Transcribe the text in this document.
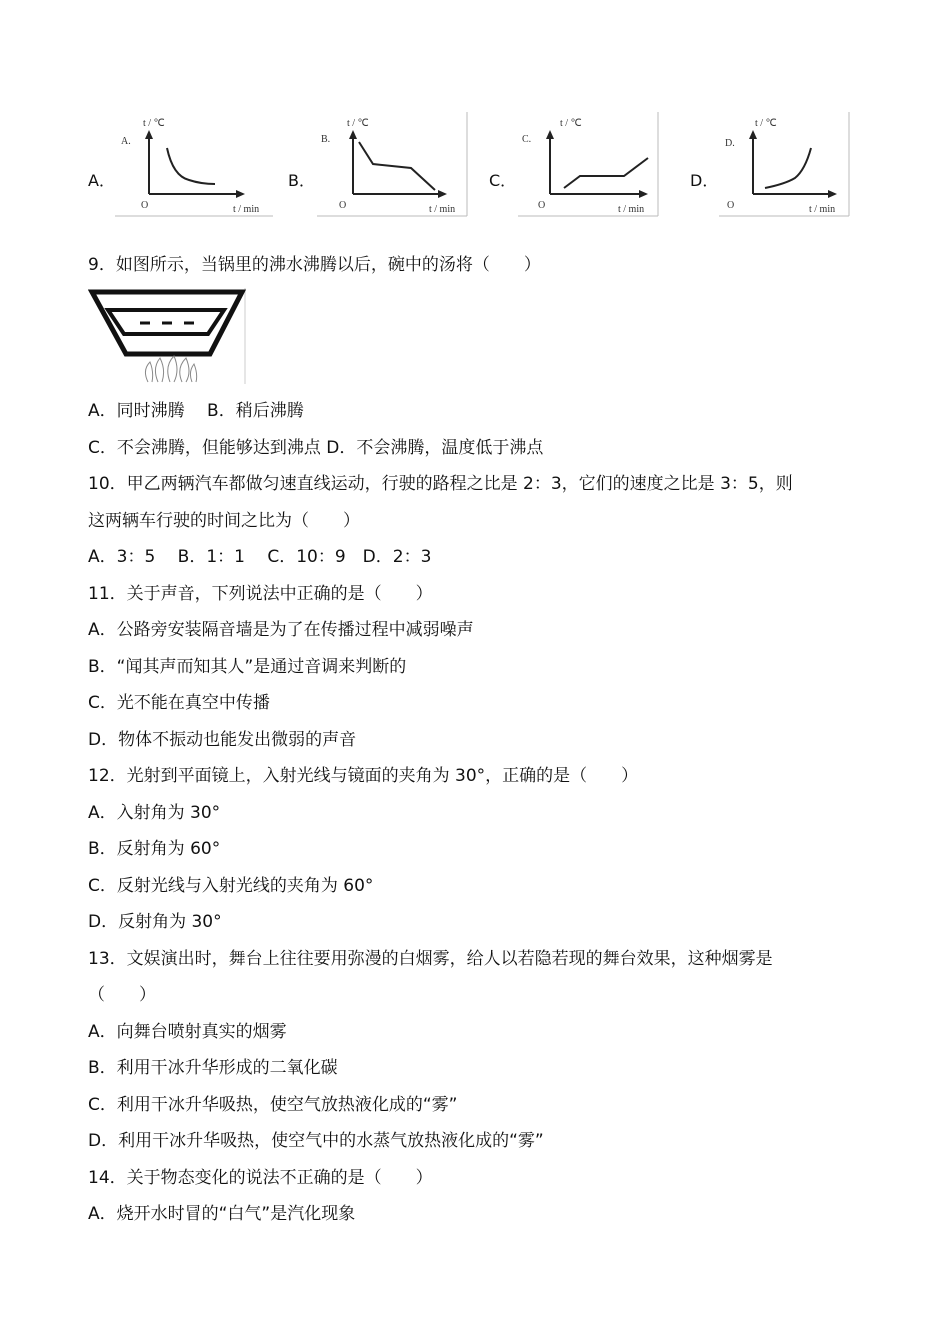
A．	B．	C．	D．
A.
t / ℃
O	t / min
B.
t / ℃
O	t / min
C.
t / ℃
O	t / min
D.
t / ℃
O	t / min
9．如图所示，当锅里的沸水沸腾以后，碗中的汤将（　　）
A．同时沸腾　 B．稍后沸腾
C．不会沸腾，但能够达到沸点 D．不会沸腾，温度低于沸点
10．甲乙两辆汽车都做匀速直线运动，行驶的路程之比是 2：3，它们的速度之比是 3：5，则
这两辆车行驶的时间之比为（　　）
A．3：5　 B．1：1　 C．10：9　D．2：3
11．关于声音，下列说法中正确的是（　　）
A．公路旁安装隔音墙是为了在传播过程中减弱噪声
B．“闻其声而知其人”是通过音调来判断的
C．光不能在真空中传播
D．物体不振动也能发出微弱的声音
12．光射到平面镜上，入射光线与镜面的夹角为 30°，正确的是（　　）
A．入射角为 30°
B．反射角为 60°
C．反射光线与入射光线的夹角为 60°
D．反射角为 30°
13．文娱演出时，舞台上往往要用弥漫的白烟雾，给人以若隐若现的舞台效果，这种烟雾是
（　　）
A．向舞台喷射真实的烟雾
B．利用干冰升华形成的二氧化碳
C．利用干冰升华吸热，使空气放热液化成的“雾”
D．利用干冰升华吸热，使空气中的水蒸气放热液化成的“雾”
14．关于物态变化的说法不正确的是（　　）
A．烧开水时冒的“白气”是汽化现象
